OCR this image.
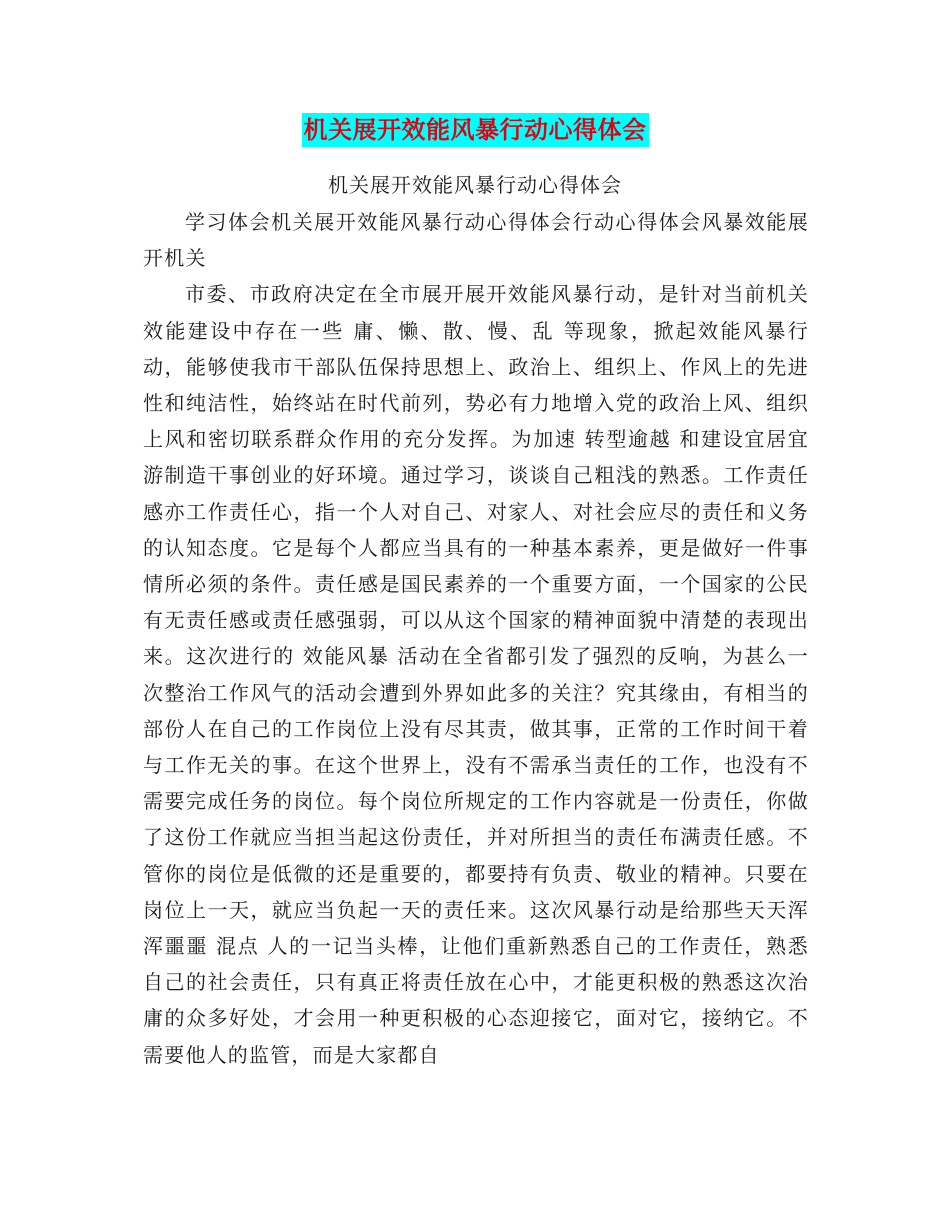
机关展开效能风暴行动心得体会
机关展开效能风暴行动心得体会

学习体会机关展开效能风暴行动心得体会行动心得体会风暴效能展开机关

市委、市政府决定在全市展开展开效能风暴行动，是针对当前机关效能建设中存在一些 庸、懒、散、慢、乱 等现象，掀起效能风暴行动，能够使我市干部队伍保持思想上、政治上、组织上、作风上的先进性和纯洁性，始终站在时代前列，势必有力地增入党的政治上风、组织上风和密切联系群众作用的充分发挥。为加速 转型逾越 和建设宜居宜游制造干事创业的好环境。通过学习，谈谈自己粗浅的熟悉。工作责任感亦工作责任心，指一个人对自己、对家人、对社会应尽的责任和义务的认知态度。它是每个人都应当具有的一种基本素养，更是做好一件事情所必须的条件。责任感是国民素养的一个重要方面，一个国家的公民有无责任感或责任感强弱，可以从这个国家的精神面貌中清楚的表现出来。这次进行的 效能风暴 活动在全省都引发了强烈的反响，为甚么一次整治工作风气的活动会遭到外界如此多的关注？究其缘由，有相当的部份人在自己的工作岗位上没有尽其责，做其事，正常的工作时间干着与工作无关的事。在这个世界上，没有不需承当责任的工作，也没有不需要完成任务的岗位。每个岗位所规定的工作内容就是一份责任，你做了这份工作就应当担当起这份责任，并对所担当的责任布满责任感。不管你的岗位是低微的还是重要的，都要持有负责、敬业的精神。只要在岗位上一天，就应当负起一天的责任来。这次风暴行动是给那些天天浑浑噩噩 混点 人的一记当头棒，让他们重新熟悉自己的工作责任，熟悉自己的社会责任，只有真正将责任放在心中，才能更积极的熟悉这次治庸的众多好处，才会用一种更积极的心态迎接它，面对它，接纳它。不需要他人的监管，而是大家都自
